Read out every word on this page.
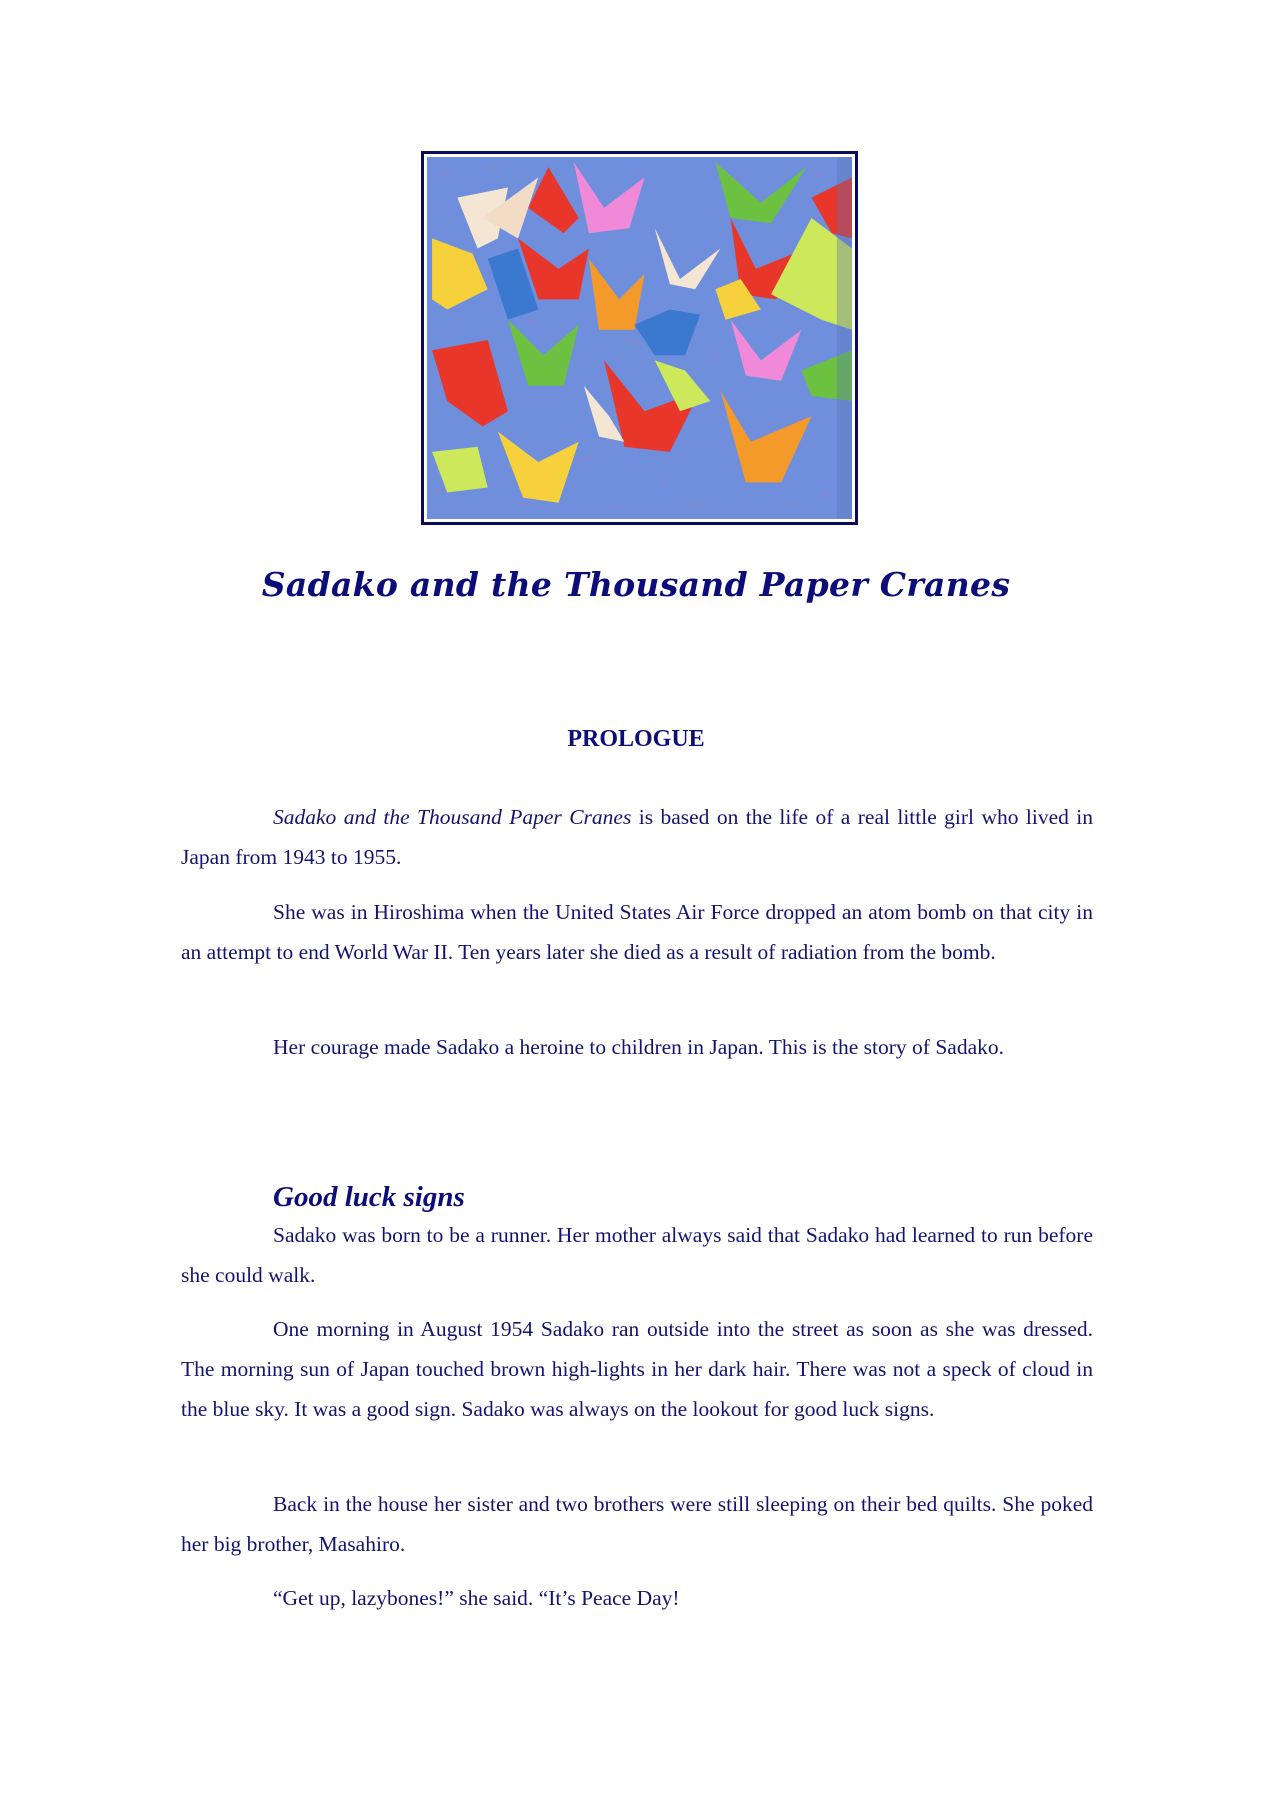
Sadako and the Thousand Paper Cranes
PROLOGUE

Sadako and the Thousand Paper Cranes is based on the life of a real little girl who lived in Japan from 1943 to 1955.

She was in Hiroshima when the United States Air Force dropped an atom bomb on that city in an attempt to end World War II. Ten years later she died as a result of radiation from the bomb.

Her courage made Sadako a heroine to children in Japan. This is the story of Sadako.

Good luck signs

Sadako was born to be a runner. Her mother always said that Sadako had learned to run before she could walk.

One morning in August 1954 Sadako ran outside into the street as soon as she was dressed. The morning sun of Japan touched brown high-lights in her dark hair. There was not a speck of cloud in the blue sky. It was a good sign. Sadako was always on the lookout for good luck signs.

Back in the house her sister and two brothers were still sleeping on their bed quilts. She poked her big brother, Masahiro.

“Get up, lazybones!” she said. “It’s Peace Day!
